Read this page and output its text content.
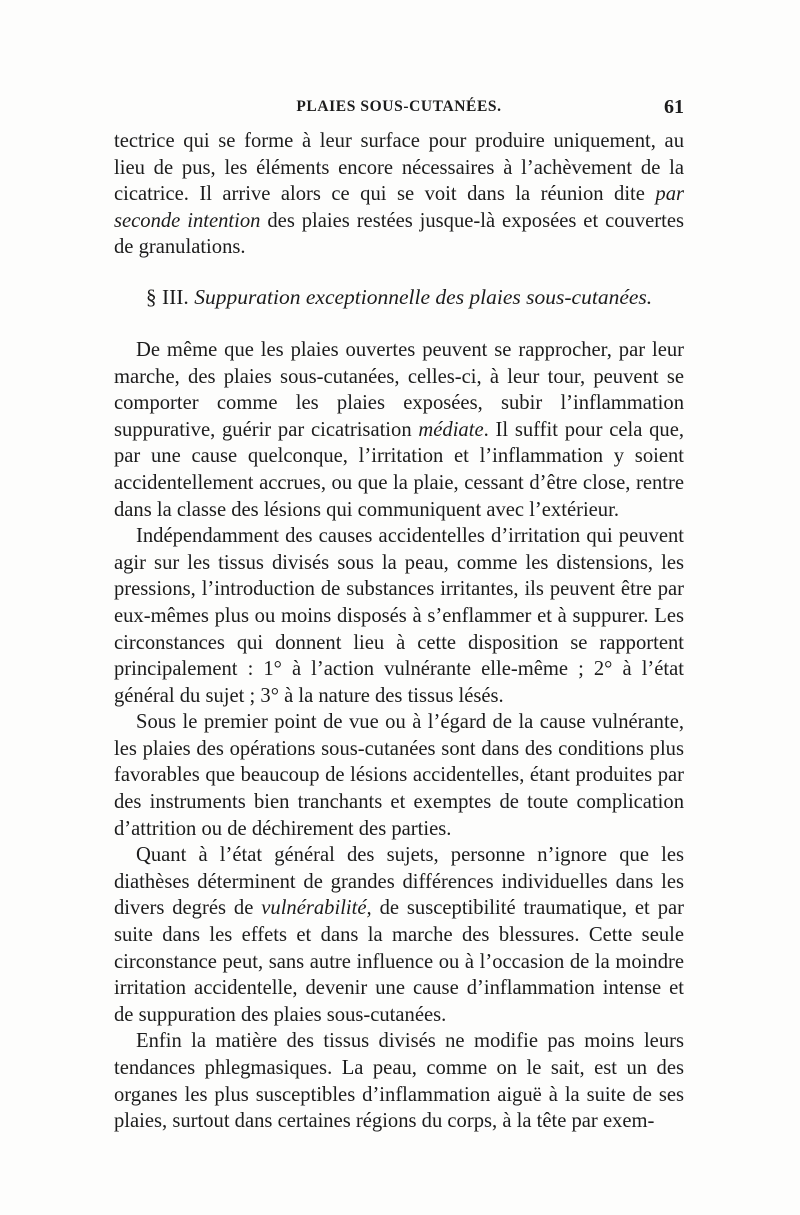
PLAIES SOUS-CUTANÉES.	61

tectrice qui se forme à leur surface pour produire uniquement, au lieu de pus, les éléments encore nécessaires à l’achèvement de la cicatrice. Il arrive alors ce qui se voit dans la réunion dite par seconde intention des plaies restées jusque-là exposées et couvertes de granulations.

§ III. Suppuration exceptionnelle des plaies sous-cutanées.

De même que les plaies ouvertes peuvent se rapprocher, par leur marche, des plaies sous-cutanées, celles-ci, à leur tour, peuvent se comporter comme les plaies exposées, subir l’inflammation suppurative, guérir par cicatrisation médiate. Il suffit pour cela que, par une cause quelconque, l’irritation et l’inflammation y soient accidentellement accrues, ou que la plaie, cessant d’être close, rentre dans la classe des lésions qui communiquent avec l’extérieur.

Indépendamment des causes accidentelles d’irritation qui peuvent agir sur les tissus divisés sous la peau, comme les distensions, les pressions, l’introduction de substances irritantes, ils peuvent être par eux-mêmes plus ou moins disposés à s’enflammer et à suppurer. Les circonstances qui donnent lieu à cette disposition se rapportent principalement : 1° à l’action vulnérante elle-même ; 2° à l’état général du sujet ; 3° à la nature des tissus lésés.

Sous le premier point de vue ou à l’égard de la cause vulnérante, les plaies des opérations sous-cutanées sont dans des conditions plus favorables que beaucoup de lésions accidentelles, étant produites par des instruments bien tranchants et exemptes de toute complication d’attrition ou de déchirement des parties.

Quant à l’état général des sujets, personne n’ignore que les diathèses déterminent de grandes différences individuelles dans les divers degrés de vulnérabilité, de susceptibilité traumatique, et par suite dans les effets et dans la marche des blessures. Cette seule circonstance peut, sans autre influence ou à l’occasion de la moindre irritation accidentelle, devenir une cause d’inflammation intense et de suppuration des plaies sous-cutanées.

Enfin la matière des tissus divisés ne modifie pas moins leurs tendances phlegmasiques. La peau, comme on le sait, est un des organes les plus susceptibles d’inflammation aiguë à la suite de ses plaies, surtout dans certaines régions du corps, à la tête par exem-
